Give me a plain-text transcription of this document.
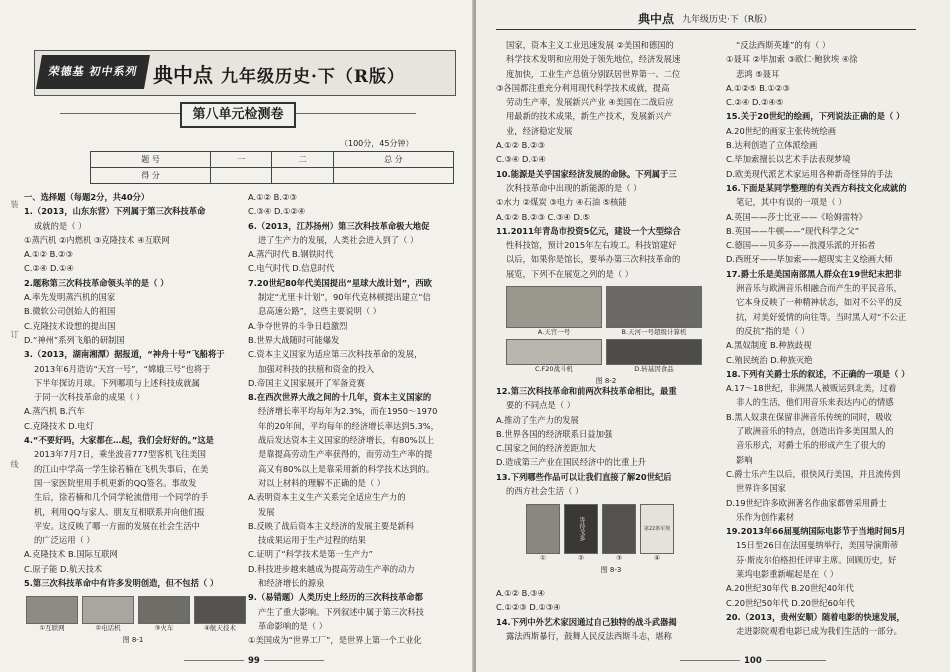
装
订
线
荣德基 初中系列 典中点 九年级历史·下（R版）
第八单元检测卷
（100分，45分钟）
题 号	一	二	总 分
得 分			

一、选择题（每题2分，共40分）

1.（2013，山东东营）下列属于第三次科技革命

成就的是（ ）

①蒸汽机 ②内燃机 ③克隆技术 ④互联网

A.①② B.②③

C.②④ D.①④

2.题称第三次科技革命领头羊的是（ ）

A.率先发明蒸汽机的国家

B.微软公司创始人的祖国

C.克隆技术设想的提出国

D.“神州”系列飞船的研制国

3.（2013，湖南湘潭）据报道，“神舟十号”飞船将于

2013年6月造访“天宫一号”，“嫦娥三号”也将于

下半年探访月球。下列哪项与上述科技成就属

于同一次科技革命的成果（ ）

A.蒸汽机 B.汽车

C.克隆技术 D.电灯

4.“不要好吗，大家都在…起，我们会好好的。”这是

2013年7月7日，乘坐波音777型客机飞往美国

的江山中学高一学生徐若楠在飞机失事后，在美

国一家医院里用手机更新的QQ签名。事故发

生后，徐若楠和几个同学轮流借用一个同学的手

机，利用QQ与家人、朋友互相联系并向他们报

平安。这反映了哪一方面的发展在社会生活中

的广泛运用（ ）

A.克隆技术 B.国际互联网

C.原子能 D.航天技术

5.第三次科技革命中有许多发明创造，但不包括（ ）

①互联网	②电话机	③火车	④航天技术
图 8-1

A.①② B.②③

C.③④ D.①②④

6.（2013，江苏扬州）第三次科技革命极大地促

进了生产力的发展，人类社会进入到了（ ）

A.蒸汽时代 B.钢铁时代

C.电气时代 D.信息时代

7.20世纪80年代美国提出“星球大战计划”，西欧

制定“尤里卡计划”，90年代克林顿提出建立“信

息高速公路”，这些主要说明（ ）

A.争夺世界的斗争日趋激烈

B.世界大战随时可能爆发

C.资本主义国家为适应第三次科技革命的发展，

加强对科技的扶植和资金的投入

D.帝国主义国家展开了军备竞赛

8.在西次世界大战之间的十几年，资本主义国家的

经济增长率平均每年为2.3%，而在1950～1970

年的20年间，平均每年的经济增长率达到5.3%，

战后发达资本主义国家的经济增长，有80%以上

是靠提高劳动生产率获得的，而劳动生产率的提

高又有80%以上是靠采用新的科学技术达到的。

对以上材料的理解不正确的是（ ）

A.表明资本主义生产关系完全适应生产力的

发展

B.反映了战后资本主义经济的发展主要是新科

技成果运用于生产过程的结果

C.证明了“科学技术是第一生产力”

D.科技进步越来越成为提高劳动生产率的动力

和经济增长的源泉

9.（易错题）人类历史上经历的三次科技革命都

产生了重大影响。下列叙述中属于第三次科技

革命影响的是（ ）

①美国成为“世界工厂”，是世界上第一个工业化

99
典中点 九年级历史·下（R版）

国家，资本主义工业迅速发展 ②美国和德国的

科学技术发明和应用处于领先地位，经济发展速

度加快，工业生产总值分别跃居世界第一、二位

③各国都注重充分利用现代科学技术成就，提高

劳动生产率，发展新兴产业 ④美国在二战后应

用最新的技术成果，新生产技术，发展新兴产

业，经济稳定发展

A.①② B.②③

C.③④ D.①④

10.能源是关乎国家经济发展的命脉。下列属于三

次科技革命中出现的新能源的是（ ）

①水力 ②煤炭 ③电力 ④石油 ⑤核能

A.①② B.②③ C.③④ D.⑤

11.2011年青岛市投资5亿元，建设一个大型综合

性科技馆，预计2015年左右竣工。科技馆建好

以后，如果你是馆长，要举办第三次科技革命的

展览，下列不在展览之列的是（ ）

A.天宫一号	B.天河一号超级计算机
C.F20战斗机	D.转基因食品
图 8-2

12.第三次科技革命和前两次科技革命相比，最重

要的不同点是（ ）

A.推动了生产力的发展

B.世界各国的经济联系日益加强

C.国家之间的经济差距加大

D.造成第三产业在国民经济中的比重上升

13.下列哪些作品可以让我们直接了解20世纪后

的西方社会生活（ ）

①
等待戈多
②	③
第22条军规
④
图 8-3

A.①② B.③④

C.①②③ D.①③④

14.下列中外艺术家因通过自己独特的战斗武器揭

露法西斯暴行，鼓舞人民反法西斯斗志，堪称

“反法西斯英雄”的有（ ）

①聂耳 ②毕加索 ③欧仁·鲍狄埃 ④徐

悲鸿 ⑤聂耳

A.①②⑤ B.①②③

C.②④ D.②④⑤

15.关于20世纪的绘画，下列说法正确的是（ ）

A.20世纪的画家主张传统绘画

B.达利创造了立体派绘画

C.毕加索擅长以艺术手法表现梦境

D.欧美现代派艺术家运用各种新奇怪异的手法

16.下面是某同学整理的有关西方科技文化成就的

笔记，其中有误的一项是（ ）

A.英国——莎士比亚——《哈姆雷特》

B.英国——牛顿——“现代科学之父”

C.德国——贝多芬——浪漫乐派的开拓者

D.西班牙——毕加索——超现实主义绘画大师

17.爵士乐是美国南部黑人群众在19世纪末把非

洲音乐与欧洲音乐相融合而产生的平民音乐，

它本身反映了一种精神状态，如对不公平的反

抗，对美好爱情的向往等。当时黑人对“不公正

的反抗”指的是（ ）

A.黑奴制度 B.种族歧视

C.殖民统治 D.种族灭绝

18.下列有关爵士乐的叙述，不正确的一项是（ ）

A.17～18世纪，非洲黑人被贩运到北美，过着

非人的生活，他们用音乐来表达内心的情感

B.黑人奴隶在保留非洲音乐传统的同时，吸收

了欧洲音乐的特点，创造出许多美国黑人的

音乐形式，对爵士乐的形成产生了很大的

影响

C.爵士乐产生以后，很快风行美国，并且流传到

世界许多国家

D.19世纪许多欧洲著名作曲家都曾采用爵士

乐作为创作素材

19.2013年66届戛纳国际电影节于当地时间5月

15日至26日在法国戛纳举行，美国导演斯蒂

芬·斯皮尔伯格担任评审主席。回顾历史，好

莱坞电影重新崛起是在（ ）

A.20世纪30年代 B.20世纪40年代

C.20世纪50年代 D.20世纪60年代

20.（2013，贵州安顺）随着电影的快速发展，

走进影院观看电影已成为我们生活的一部分。

100
